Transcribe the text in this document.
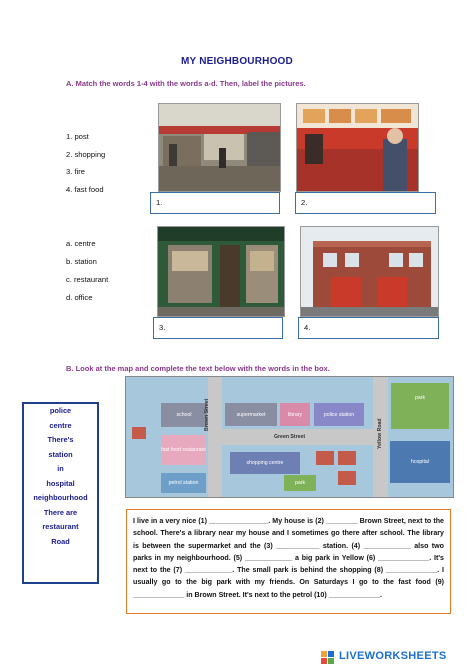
MY NEIGHBOURHOOD
A. Match the words 1-4 with the words a-d. Then, label the pictures.
1. post
2. shopping
3. fire
4. fast food
a. centre
b. station
c. restaurant
d. office
1.	2.
3.	4.
B. Look at the map and complete the text below with the words in the box.
police
centre
There's
station
in
hospital
neighbourhood
There are
restaurant
Road
school	supermarket	library	police station
park
fast food restaurant
shopping centre
park
hospital
petrol station
Brown Street
Green Street	Yellow Road
I live in a very nice (1) _______________. My house is (2) ________ Brown Street, next to the school. There's a library near my house and I sometimes go there after school. The library is between the supermarket and the (3) ___________ station. (4) ____________ also two parks in my neighbourhood. (5) ____________ a big park in Yellow (6) _____________. It's next to the (7) ____________. The small park is behind the shopping (8) _____________. I usually go to the big park with my friends. On Saturdays I go to the fast food (9) _____________ in Brown Street. It's next to the petrol (10) _____________.
LIVEWORKSHEETS
